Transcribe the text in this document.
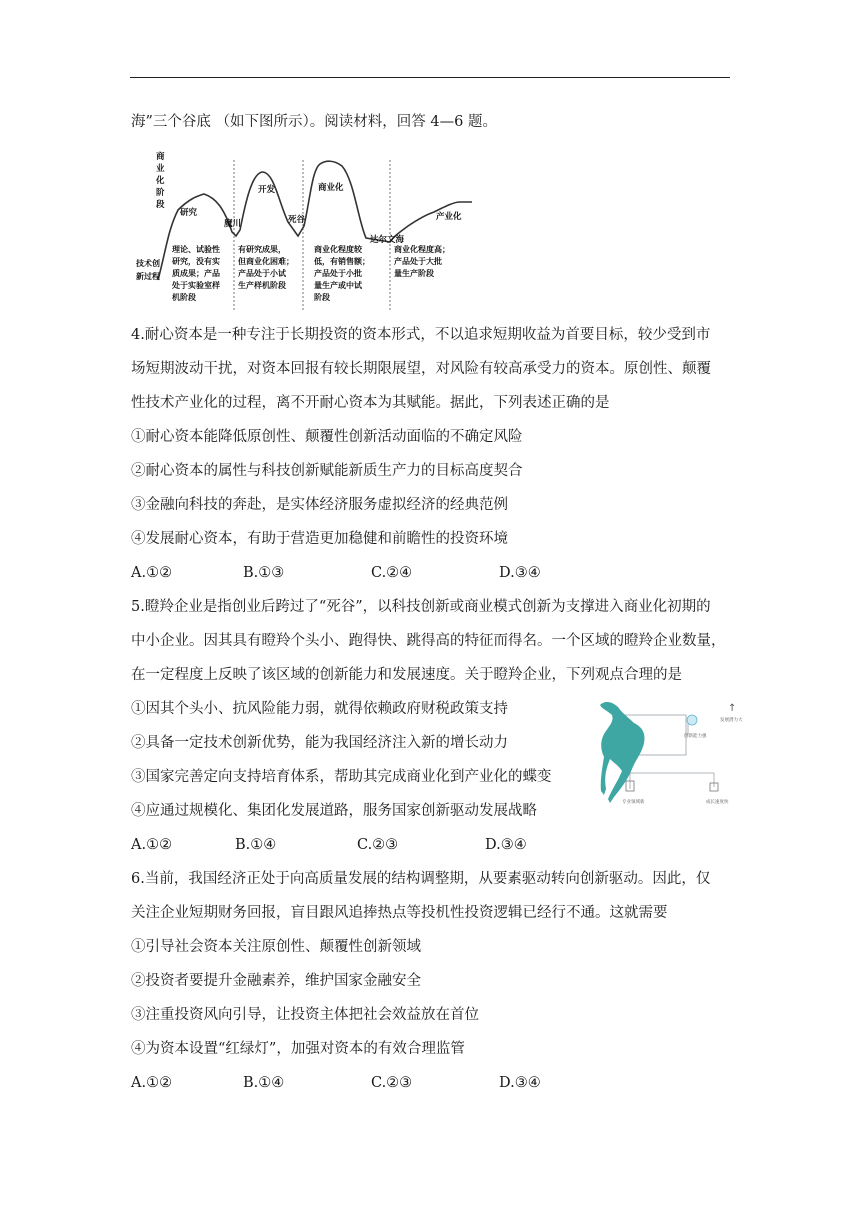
海”三个谷底 （如下图所示）。阅读材料，回答 4—6 题。
商
业
化
阶
段
研究
魔川
开发
死谷
商业化
达尔文海
产业化
技术创
新过程
理论、试验性
研究，没有实
质成果；产品
处于实验室样
机阶段
有研究成果，
但商业化困难；
产品处于小试
生产样机阶段
商业化程度较
低，有销售额；
产品处于小批
量生产或中试
阶段
商业化程度高；
产品处于大批
量生产阶段
4.耐心资本是一种专注于长期投资的资本形式，不以追求短期收益为首要目标，较少受到市
场短期波动干扰，对资本回报有较长期限展望，对风险有较高承受力的资本。原创性、颠覆
性技术产业化的过程，离不开耐心资本为其赋能。据此，下列表述正确的是
①耐心资本能降低原创性、颠覆性创新活动面临的不确定风险
②耐心资本的属性与科技创新赋能新质生产力的目标高度契合
③金融向科技的奔赴，是实体经济服务虚拟经济的经典范例
④发展耐心资本，有助于营造更加稳健和前瞻性的投资环境
A.①②	B.①③	C.②④	D.③④
5.瞪羚企业是指创业后跨过了“死谷”，以科技创新或商业模式创新为支撑进入商业化初期的
中小企业。因其具有瞪羚个头小、跑得快、跳得高的特征而得名。一个区域的瞪羚企业数量，
在一定程度上反映了该区域的创新能力和发展速度。关于瞪羚企业，下列观点合理的是
①因其个头小、抗风险能力弱，就得依赖政府财税政策支持
②具备一定技术创新优势，能为我国经济注入新的增长动力
③国家完善定向支持培育体系，帮助其完成商业化到产业化的蝶变
④应通过规模化、集团化发展道路，服务国家创新驱动发展战略
A.①②	B.①④	C.②③	D.③④
创新能力强
↑
发展潜力大
专业领域新	成长速度快
6.当前，我国经济正处于向高质量发展的结构调整期，从要素驱动转向创新驱动。因此，仅
关注企业短期财务回报，盲目跟风追捧热点等投机性投资逻辑已经行不通。这就需要
①引导社会资本关注原创性、颠覆性创新领域
②投资者要提升金融素养，维护国家金融安全
③注重投资风向引导，让投资主体把社会效益放在首位
④为资本设置“红绿灯”，加强对资本的有效合理监管
A.①②	B.①④	C.②③	D.③④
